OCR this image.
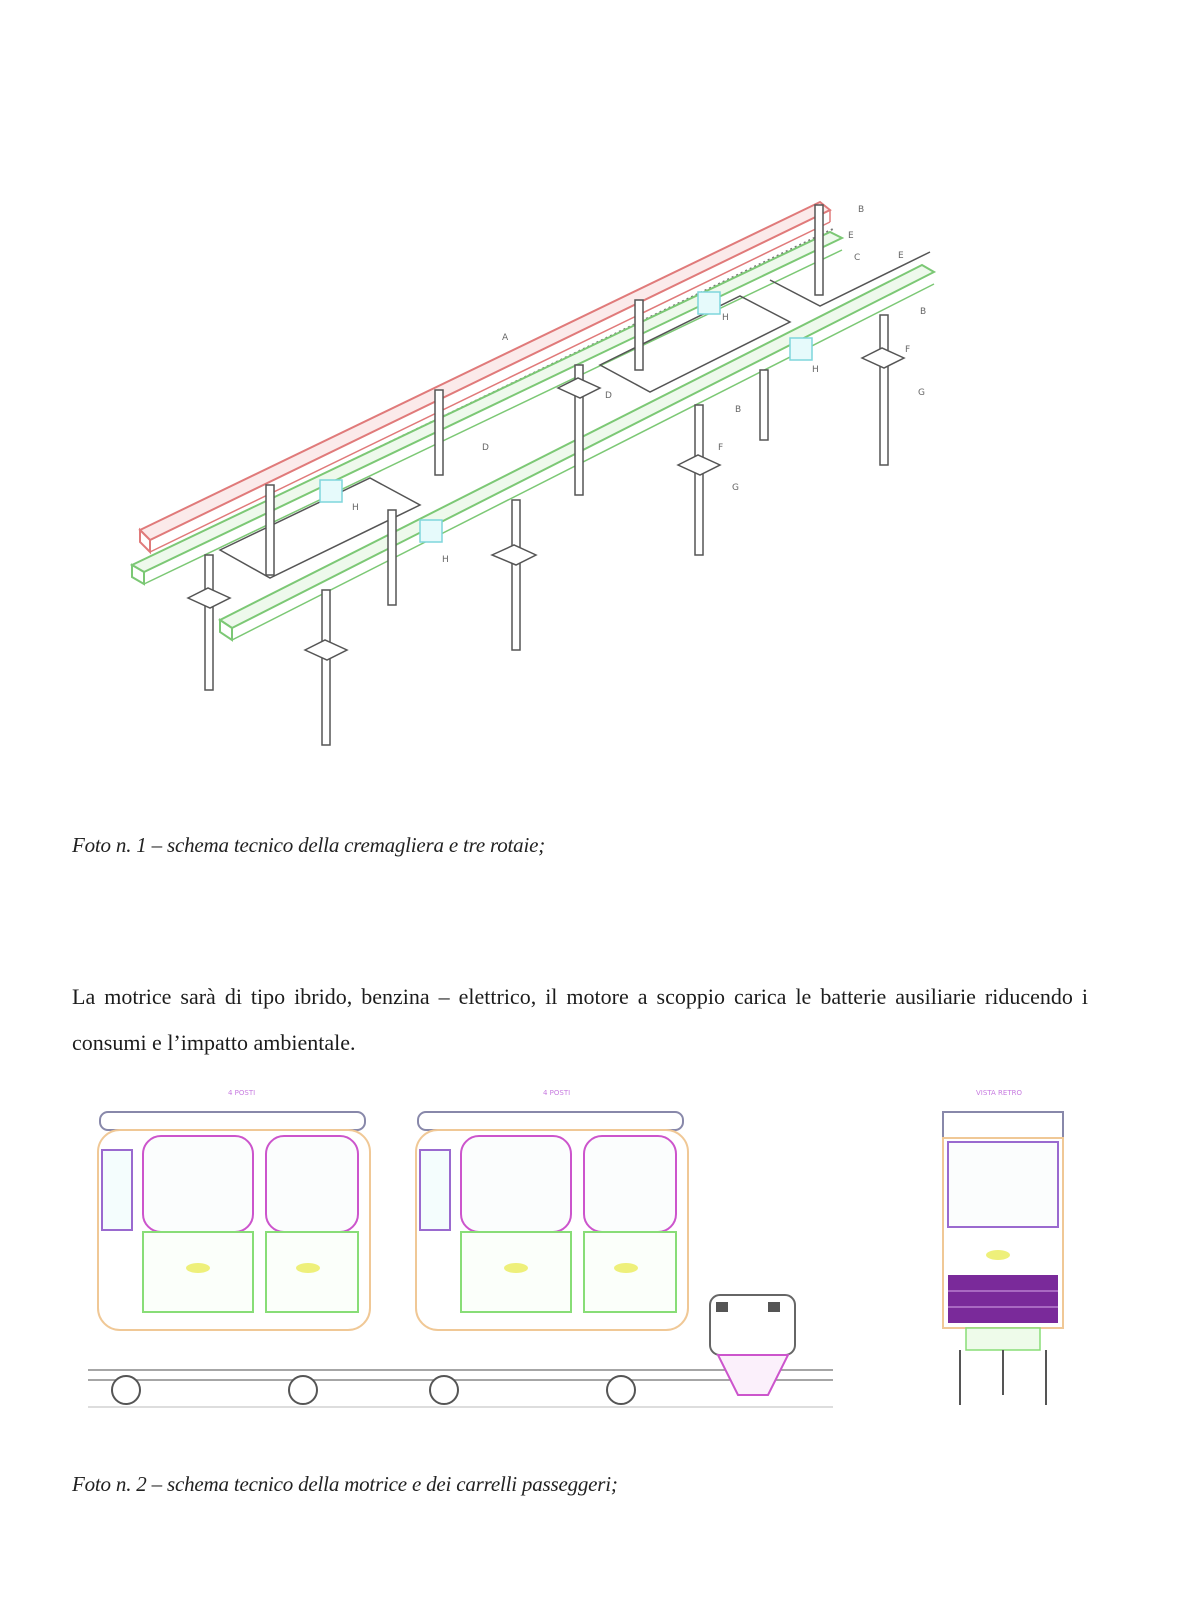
A
B
E
C	E
B
F
G
H
H
D
D
H
H
B
F
G
Foto n. 1 – schema tecnico della cremagliera e tre rotaie;

La motrice sarà di tipo ibrido, benzina – elettrico, il motore a scoppio carica le batterie ausiliarie riducendo i consumi e l’impatto ambientale.

4 POSTI	4 POSTI	VISTA RETRO
Foto n. 2 – schema tecnico della motrice e dei carrelli passeggeri;
